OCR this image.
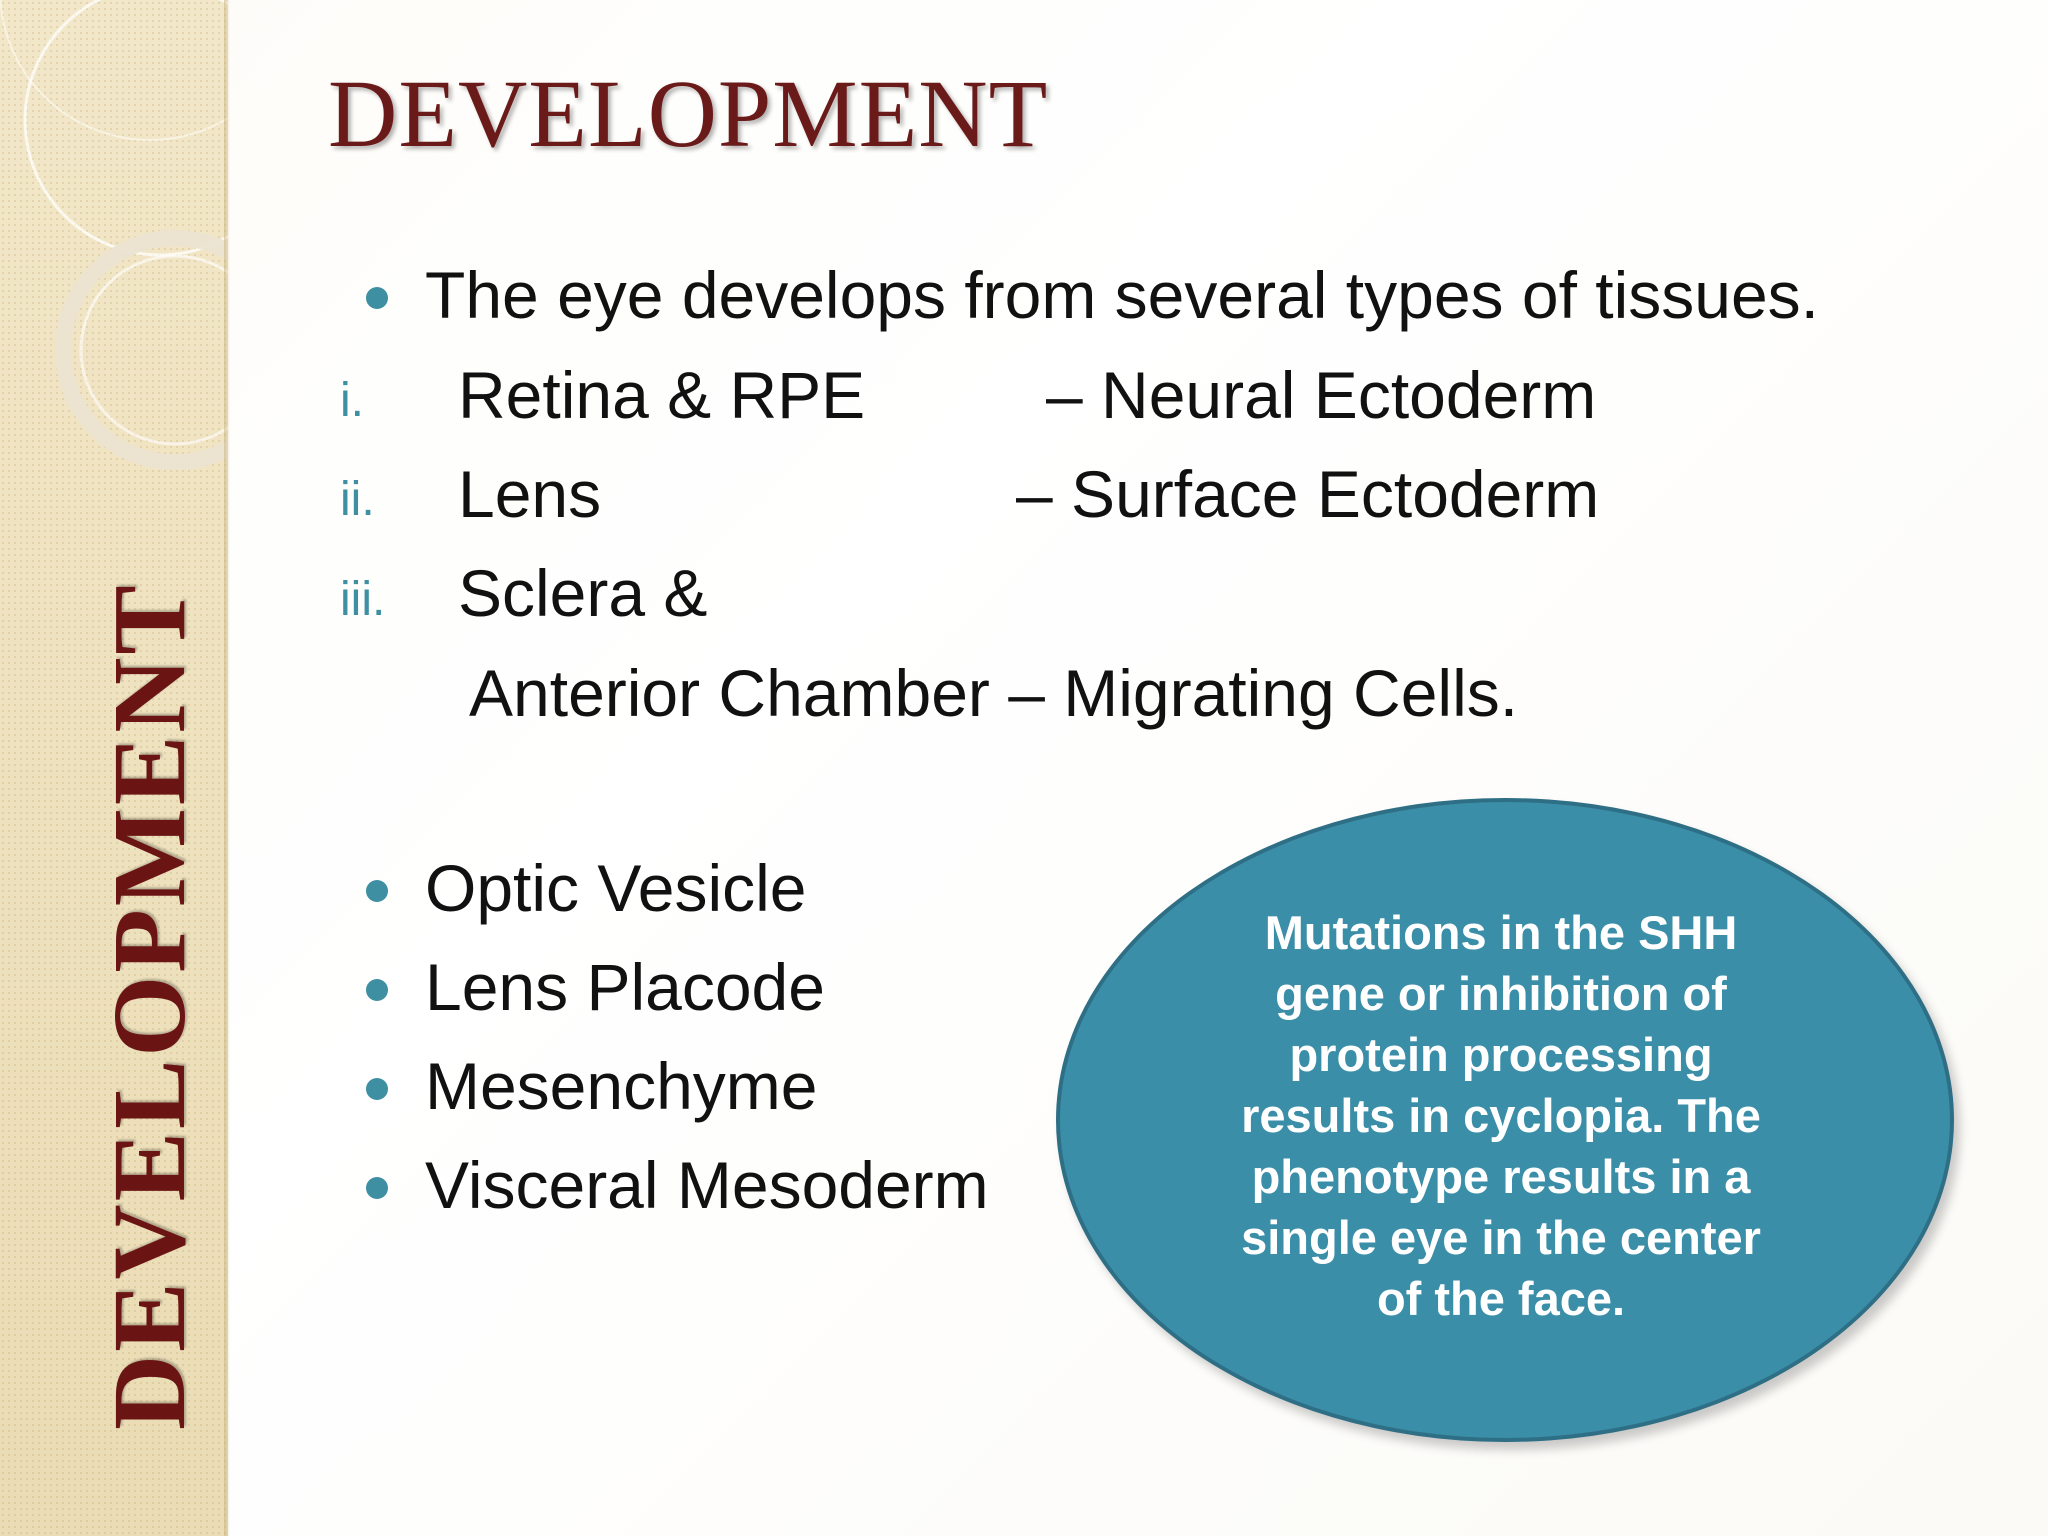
DEVELOPMENT
DEVELOPMENT
The eye develops from several types of tissues.
i. Retina & RPE	– Neural Ectoderm
ii. Lens	– Surface Ectoderm
iii. Sclera &
Anterior Chamber – Migrating Cells.
Optic Vesicle
Lens Placode
Mesenchyme
Visceral Mesoderm
Mutations in the SHH
gene or inhibition of
protein processing
results in cyclopia. The
phenotype results in a
single eye in the center
of the face.
